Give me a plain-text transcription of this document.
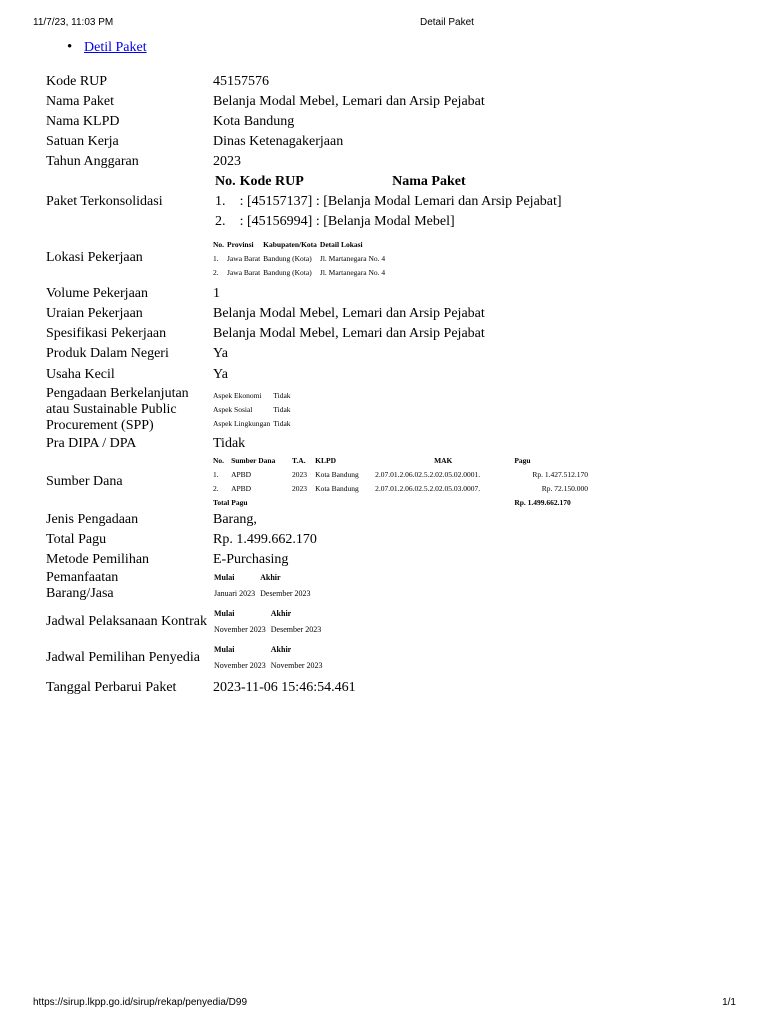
11/7/23, 11:03 PM	Detail Paket
• Detil Paket
Kode RUP	45157576
Nama Paket	Belanja Modal Mebel, Lemari dan Arsip Pejabat
Nama KLPD	Kota Bandung
Satuan Kerja	Dinas Ketenagakerjaan
Tahun Anggaran	2023
Paket Terkonsolidasi	
No.	Kode RUP	Nama Paket
1.	: [45157137] : [Belanja Modal Lemari dan Arsip Pejabat]
2.	: [45156994] : [Belanja Modal Mebel]

Lokasi Pekerjaan	
No.	Provinsi	Kabupaten/Kota	Detail Lokasi
1.	Jawa Barat	Bandung (Kota)	Jl. Martanegara No. 4
2.	Jawa Barat	Bandung (Kota)	Jl. Martanegara No. 4

Volume Pekerjaan	1
Uraian Pekerjaan	Belanja Modal Mebel, Lemari dan Arsip Pejabat
Spesifikasi Pekerjaan	Belanja Modal Mebel, Lemari dan Arsip Pejabat
Produk Dalam Negeri	Ya
Usaha Kecil	Ya
Pengadaan Berkelanjutan atau Sustainable Public Procurement (SPP)	
Aspek Ekonomi	Tidak
Aspek Sosial	Tidak
Aspek Lingkungan	Tidak

Pra DIPA / DPA	Tidak
Sumber Dana	
No.	Sumber Dana	T.A.	KLPD	MAK	Pagu
1.	APBD	2023	Kota Bandung	2.07.01.2.06.02.5.2.02.05.02.0001.	Rp. 1.427.512.170
2.	APBD	2023	Kota Bandung	2.07.01.2.06.02.5.2.02.05.03.0007.	Rp. 72.150.000
Total Pagu	Rp. 1.499.662.170

Jenis Pengadaan	Barang,
Total Pagu	Rp. 1.499.662.170
Metode Pemilihan	E-Purchasing
Pemanfaatan Barang/Jasa	
Mulai	Akhir
Januari 2023	Desember 2023

Jadwal Pelaksanaan Kontrak	
Mulai	Akhir
November 2023	Desember 2023

Jadwal Pemilihan Penyedia	
Mulai	Akhir
November 2023	November 2023

Tanggal Perbarui Paket	2023-11-06 15:46:54.461
https://sirup.lkpp.go.id/sirup/rekap/penyedia/D99	1/1
